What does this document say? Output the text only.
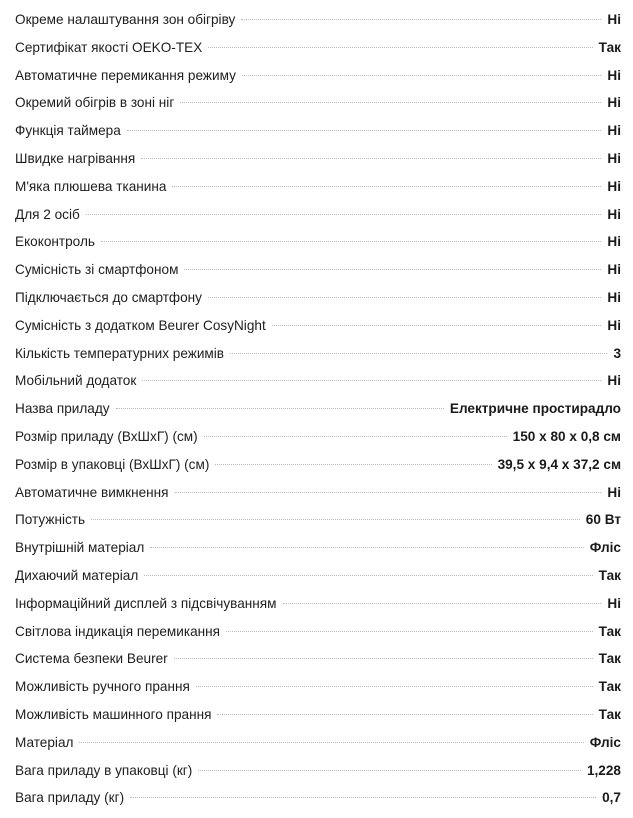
Окреме налаштування зон обігріву	Ні
Сертифікат якості OEKO-TEX	Так
Автоматичне перемикання режиму	Ні
Окремий обігрів в зоні ніг	Ні
Функція таймера	Ні
Швидке нагрівання	Ні
М'яка плюшева тканина	Ні
Для 2 осіб	Ні
Екоконтроль	Ні
Сумісність зі смартфоном	Ні
Підключається до смартфону	Ні
Сумісність з додатком Beurer CosyNight	Ні
Кількість температурних режимів	3
Мобільний додаток	Ні
Назва приладу	Електричне простирадло
Розмір приладу (ВхШхГ) (см)	150 x 80 x 0,8 см
Розмір в упаковці (ВхШхГ) (см)	39,5 x 9,4 x 37,2 см
Автоматичне вимкнення	Ні
Потужність	60 Вт
Внутрішній матеріал	Фліс
Дихаючий матеріал	Так
Інформаційний дисплей з підсвічуванням	Ні
Світлова індикація перемикання	Так
Система безпеки Beurer	Так
Можливість ручного прання	Так
Можливість машинного прання	Так
Матеріал	Фліс
Вага приладу в упаковці (кг)	1,228
Вага приладу (кг)	0,7
